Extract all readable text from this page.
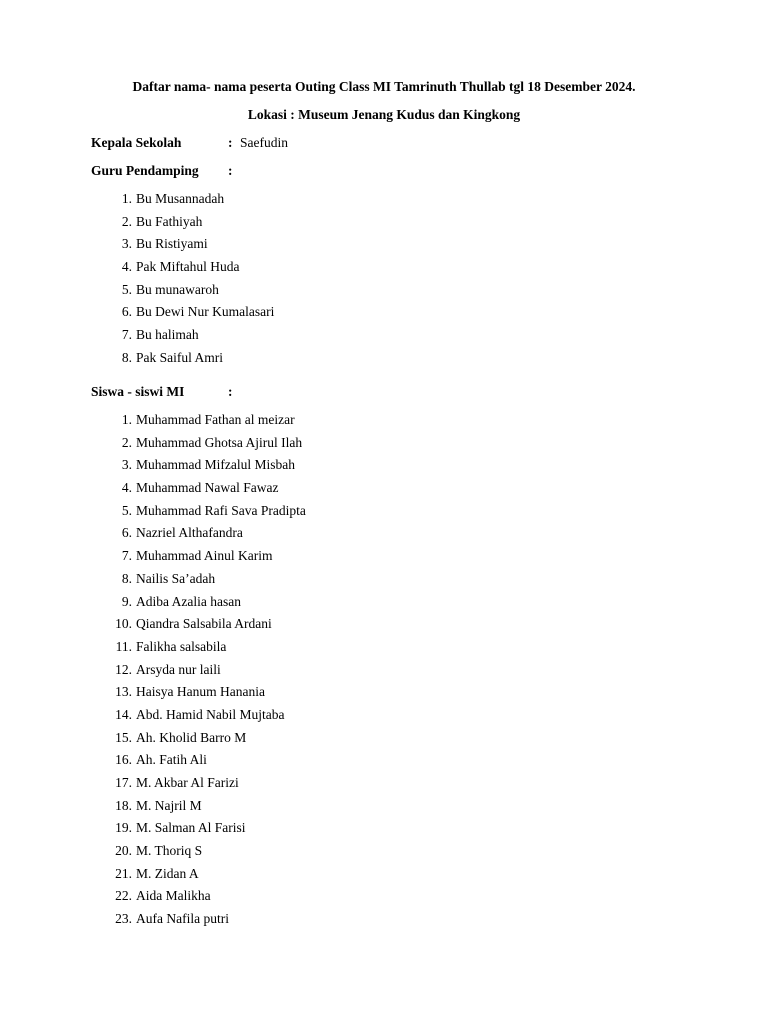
Daftar nama- nama peserta Outing Class MI Tamrinuth Thullab tgl 18 Desember 2024.
Lokasi : Museum Jenang Kudus dan Kingkong
Kepala Sekolah	: Saefudin
Guru Pendamping :
1. Bu Musannadah
2. Bu Fathiyah
3. Bu Ristiyami
4. Pak Miftahul Huda
5. Bu munawaroh
6. Bu Dewi Nur Kumalasari
7. Bu halimah
8. Pak Saiful Amri
Siswa - siswi MI	:
1. Muhammad Fathan al meizar
2. Muhammad Ghotsa Ajirul Ilah
3. Muhammad Mifzalul Misbah
4. Muhammad Nawal Fawaz
5. Muhammad Rafi Sava Pradipta
6. Nazriel Althafandra
7. Muhammad Ainul Karim
8. Nailis Sa’adah
9. Adiba Azalia hasan
10. Qiandra Salsabila Ardani
11. Falikha salsabila
12. Arsyda nur laili
13. Haisya Hanum Hanania
14. Abd. Hamid Nabil Mujtaba
15. Ah. Kholid Barro M
16. Ah. Fatih Ali
17. M. Akbar Al Farizi
18. M. Najril M
19. M. Salman Al Farisi
20. M. Thoriq S
21. M. Zidan A
22. Aida Malikha
23. Aufa Nafila putri
